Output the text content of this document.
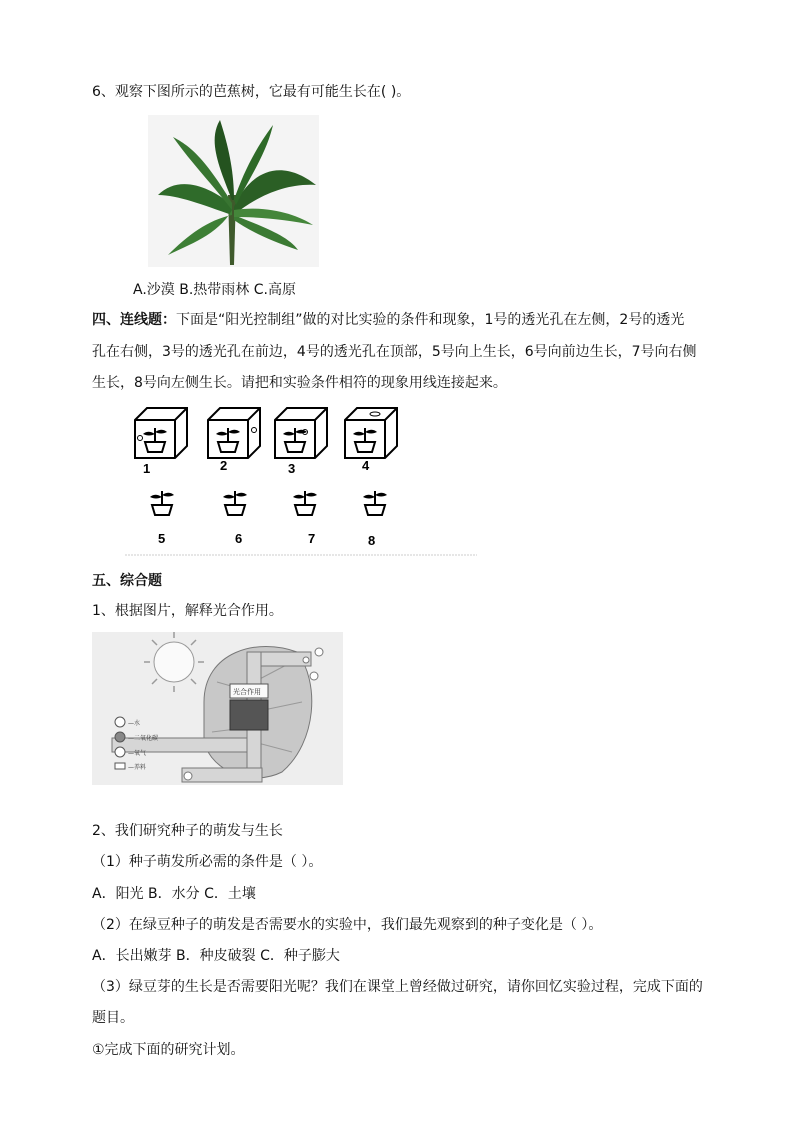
6、观察下图所示的芭蕉树，它最有可能生长在( )。
A.沙漠 B.热带雨林 C.高原
四、连线题：下面是“阳光控制组”做的对比实验的条件和现象，1号的透光孔在左侧，2号的透光
孔在右侧，3号的透光孔在前边，4号的透光孔在顶部，5号向上生长，6号向前边生长，7号向右侧
生长，8号向左侧生长。请把和实验条件相符的现象用线连接起来。
1	2	3	4
5	6	7	8
五、综合题
1、根据图片，解释光合作用。
光合作用
—水
—二氧化碳
—氧气
—养料
2、我们研究种子的萌发与生长
（1）种子萌发所必需的条件是（ ）。
A．阳光 B．水分 C．土壤
（2）在绿豆种子的萌发是否需要水的实验中，我们最先观察到的种子变化是（ ）。
A．长出嫩芽 B．种皮破裂 C．种子膨大
（3）绿豆芽的生长是否需要阳光呢？我们在课堂上曾经做过研究，请你回忆实验过程，完成下面的
题目。
①完成下面的研究计划。
